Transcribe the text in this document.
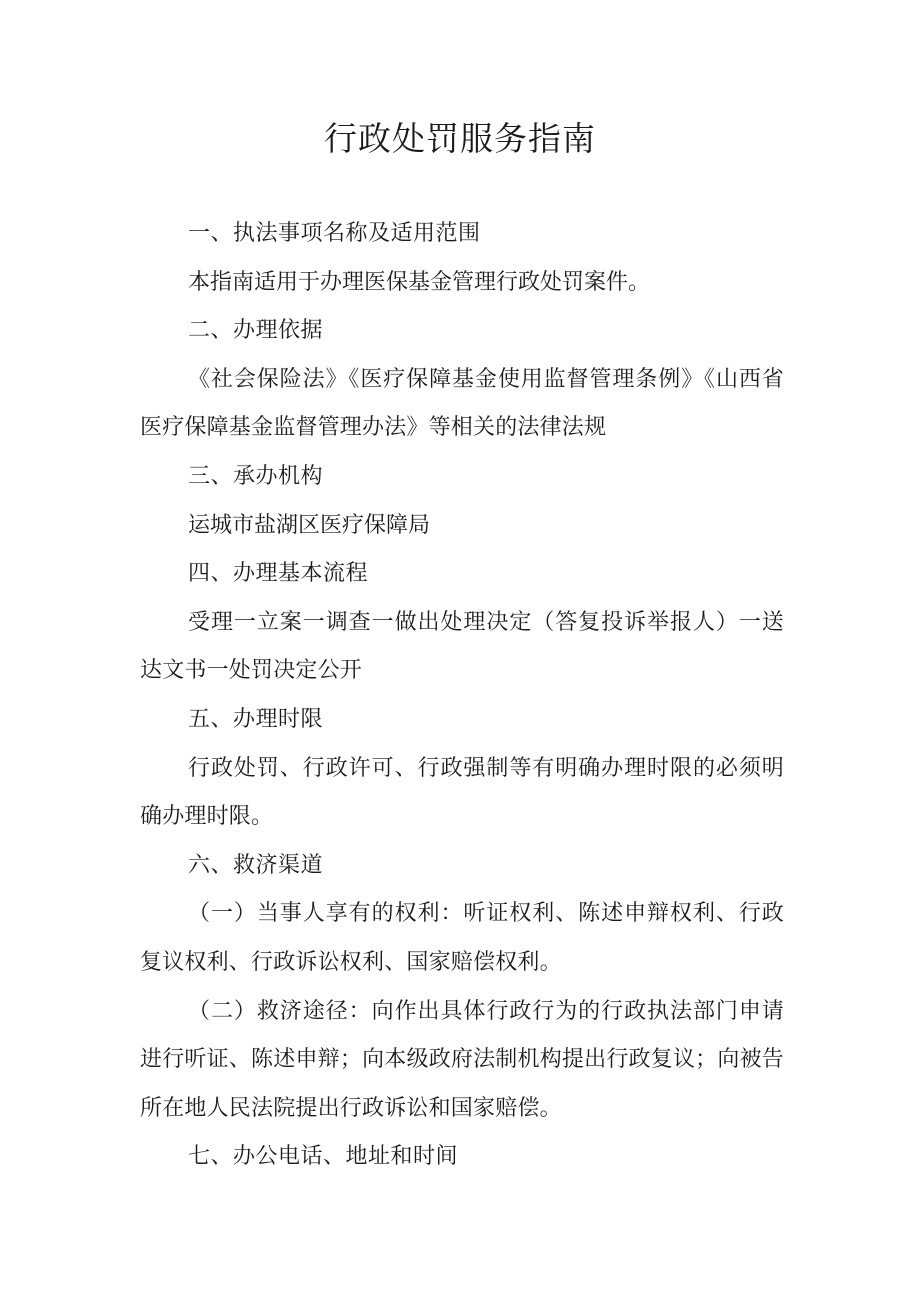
行政处罚服务指南

一、执法事项名称及适用范围

本指南适用于办理医保基金管理行政处罚案件。

二、办理依据

《社会保险法》《医疗保障基金使用监督管理条例》《山西省医疗保障基金监督管理办法》等相关的法律法规

三、承办机构

运城市盐湖区医疗保障局

四、办理基本流程

受理一立案一调查一做出处理决定（答复投诉举报人）一送达文书一处罚决定公开

五、办理时限

行政处罚、行政许可、行政强制等有明确办理时限的必须明确办理时限。

六、救济渠道

（一）当事人享有的权利：听证权利、陈述申辩权利、行政复议权利、行政诉讼权利、国家赔偿权利。

（二）救济途径：向作出具体行政行为的行政执法部门申请进行听证、陈述申辩；向本级政府法制机构提出行政复议；向被告所在地人民法院提出行政诉讼和国家赔偿。

七、办公电话、地址和时间
